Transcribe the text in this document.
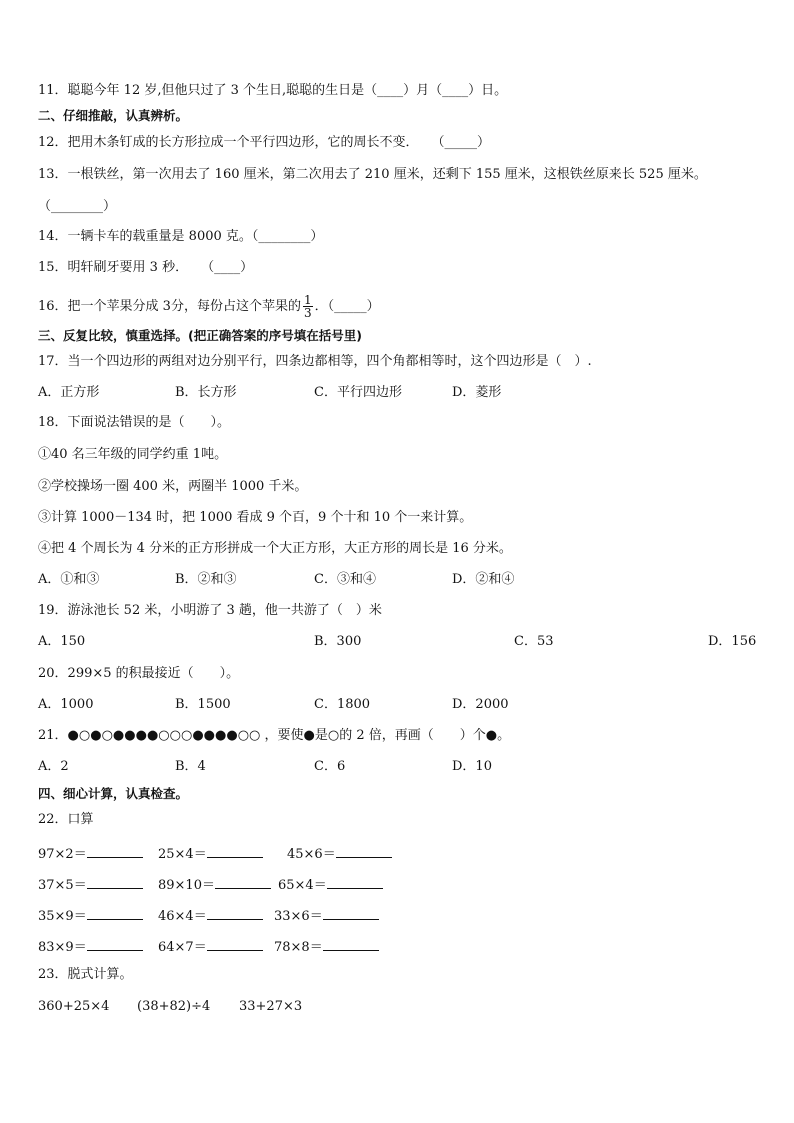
11．聪聪今年 12 岁,但他只过了 3 个生日,聪聪的生日是（____）月（____）日。
二、仔细推敲，认真辨析。
12．把用木条钉成的长方形拉成一个平行四边形，它的周长不变．　　（_____）
13．一根铁丝，第一次用去了 160 厘米，第二次用去了 210 厘米，还剩下 155 厘米，这根铁丝原来长 525 厘米。
（________）
14．一辆卡车的载重量是 8000 克。（________）
15．明轩刷牙要用 3 秒．　　（____）
16．把一个苹果分成 3分，每份占这个苹果的 $\frac{1}{3}$ ．（_____）
三、反复比较，慎重选择。(把正确答案的序号填在括号里)
17．当一个四边形的两组对边分别平行，四条边都相等，四个角都相等时，这个四边形是（　）.
A．正方形	B．长方形	C．平行四边形	D．菱形
18．下面说法错误的是（　　）。
①40 名三年级的同学约重 1吨。
②学校操场一圈 400 米，两圈半 1000 千米。
③计算 1000－134 时，把 1000 看成 9 个百，9 个十和 10 个一来计算。
④把 4 个周长为 4 分米的正方形拼成一个大正方形，大正方形的周长是 16 分米。
A．①和③	B．②和③	C．③和④	D．②和④
19．游泳池长 52 米，小明游了 3 趟，他一共游了（　）米
A．150	B．300	C．53	D．156
20．299×5 的积最接近（　　）。
A．1000	B．1500	C．1800	D．2000
21．●○●○●●●●○○○●●●●○○ ，要使●是○的 2 倍，再画（　　）个●。
A．2	B．4	C．6	D．10
四、细心计算，认真检查。
22．口算
97×2＝	25×4＝	45×6＝
37×5＝	89×10＝	65×4＝
35×9＝	46×4＝	33×6＝
83×9＝	64×7＝	78×8＝
23．脱式计算。
360+25×4 (38+82)÷4 33+27×3
